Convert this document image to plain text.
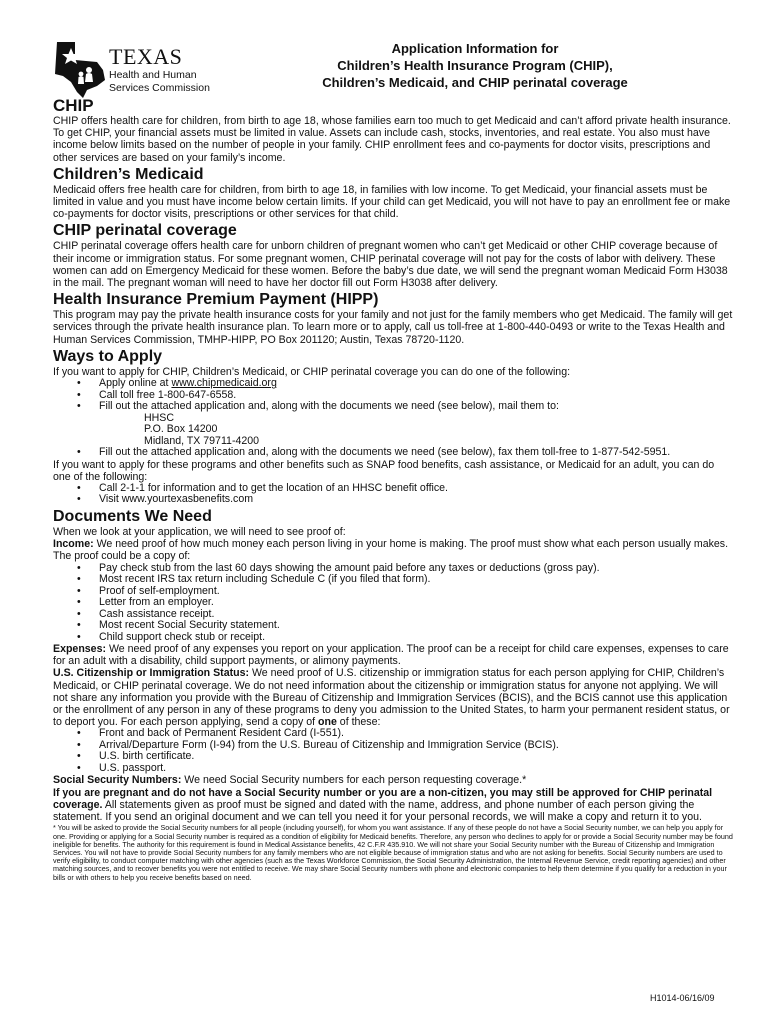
TEXAS
Health and Human
Services Commission
Application Information for
Children’s Health Insurance Program (CHIP),
Children’s Medicaid, and CHIP perinatal coverage
CHIP

CHIP offers health care for children, from birth to age 18, whose families earn too much to get Medicaid and can’t afford private health insurance. To get CHIP, your financial assets must be limited in value. Assets can include cash, stocks, inventories, and real estate. You also must have income below limits based on the number of people in your family. CHIP enrollment fees and co-payments for doctor visits, prescriptions and other services are based on your family’s income.

Children’s Medicaid

Medicaid offers free health care for children, from birth to age 18, in families with low income. To get Medicaid, your financial assets must be limited in value and you must have income below certain limits. If your child can get Medicaid, you will not have to pay an enrollment fee or make co-payments for doctor visits, prescriptions or other services for that child.

CHIP perinatal coverage

CHIP perinatal coverage offers health care for unborn children of pregnant women who can’t get Medicaid or other CHIP coverage because of their income or immigration status. For some pregnant women, CHIP perinatal coverage will not pay for the costs of labor with delivery. These women can add on Emergency Medicaid for these women. Before the baby’s due date, we will send the pregnant woman Medicaid Form H3038 in the mail. The pregnant woman will need to have her doctor fill out Form H3038 after delivery.

Health Insurance Premium Payment (HIPP)

This program may pay the private health insurance costs for your family and not just for the family members who get Medicaid. The family will get services through the private health insurance plan. To learn more or to apply, call us toll-free at 1-800-440-0493 or write to the Texas Health and Human Services Commission, TMHP-HIPP, PO Box 201120; Austin, Texas 78720-1120.

Ways to Apply

If you want to apply for CHIP, Children’s Medicaid, or CHIP perinatal coverage you can do one of the following:

• Apply online at www.chipmedicaid.org
• Call toll free 1-800-647-6558.
• Fill out the attached application and, along with the documents we need (see below), mail them to:
HHSC
P.O. Box 14200
Midland, TX 79711-4200
• Fill out the attached application and, along with the documents we need (see below), fax them toll-free to 1-877-542-5951.

If you want to apply for these programs and other benefits such as SNAP food benefits, cash assistance, or Medicaid for an adult, you can do one of the following:

• Call 2-1-1 for information and to get the location of an HHSC benefit office.
• Visit www.yourtexasbenefits.com
Documents We Need

When we look at your application, we will need to see proof of:

Income: We need proof of how much money each person living in your home is making. The proof must show what each person usually makes. The proof could be a copy of:

• Pay check stub from the last 60 days showing the amount paid before any taxes or deductions (gross pay).
• Most recent IRS tax return including Schedule C (if you filed that form).
• Proof of self-employment.
• Letter from an employer.
• Cash assistance receipt.
• Most recent Social Security statement.
• Child support check stub or receipt.

Expenses: We need proof of any expenses you report on your application. The proof can be a receipt for child care expenses, expenses to care for an adult with a disability, child support payments, or alimony payments.

U.S. Citizenship or Immigration Status: We need proof of U.S. citizenship or immigration status for each person applying for CHIP, Children’s Medicaid, or CHIP perinatal coverage. We do not need information about the citizenship or immigration status for anyone not applying. We will not share any information you provide with the Bureau of Citizenship and Immigration Services (BCIS), and the BCIS cannot use this application or the enrollment of any person in any of these programs to deny you admission to the United States, to harm your permanent resident status, or to deport you. For each person applying, send a copy of one of these:

• Front and back of Permanent Resident Card (I-551).
• Arrival/Departure Form (I-94) from the U.S. Bureau of Citizenship and Immigration Service (BCIS).
• U.S. birth certificate.
• U.S. passport.

Social Security Numbers: We need Social Security numbers for each person requesting coverage.*

If you are pregnant and do not have a Social Security number or you are a non-citizen, you may still be approved for CHIP perinatal coverage. All statements given as proof must be signed and dated with the name, address, and phone number of each person giving the statement. If you send an original document and we can tell you need it for your personal records, we will make a copy and return it to you.

* You will be asked to provide the Social Security numbers for all people (including yourself), for whom you want assistance. If any of these people do not have a Social Security number, we can help you apply for one. Providing or applying for a Social Security number is required as a condition of eligibility for Medicaid benefits. Therefore, any person who declines to apply for or provide a Social Security number may be found ineligible for benefits. The authority for this requirement is found in Medical Assistance benefits, 42 C.F.R 435.910. We will not share your Social Security number with the Bureau of Citizenship and Immigration Services. You will not have to provide Social Security numbers for any family members who are not eligible because of immigration status and who are not asking for benefits. Social Security numbers are used to verify eligibility, to conduct computer matching with other agencies (such as the Texas Workforce Commission, the Social Security Administration, the Internal Revenue Service, credit reporting agencies) and other matching sources, and to recover benefits you were not entitled to receive. We may share Social Security numbers with phone and electronic companies to help them determine if you qualify for a reduction in your bills or with others to help you receive benefits based on need.

H1014-06/16/09
